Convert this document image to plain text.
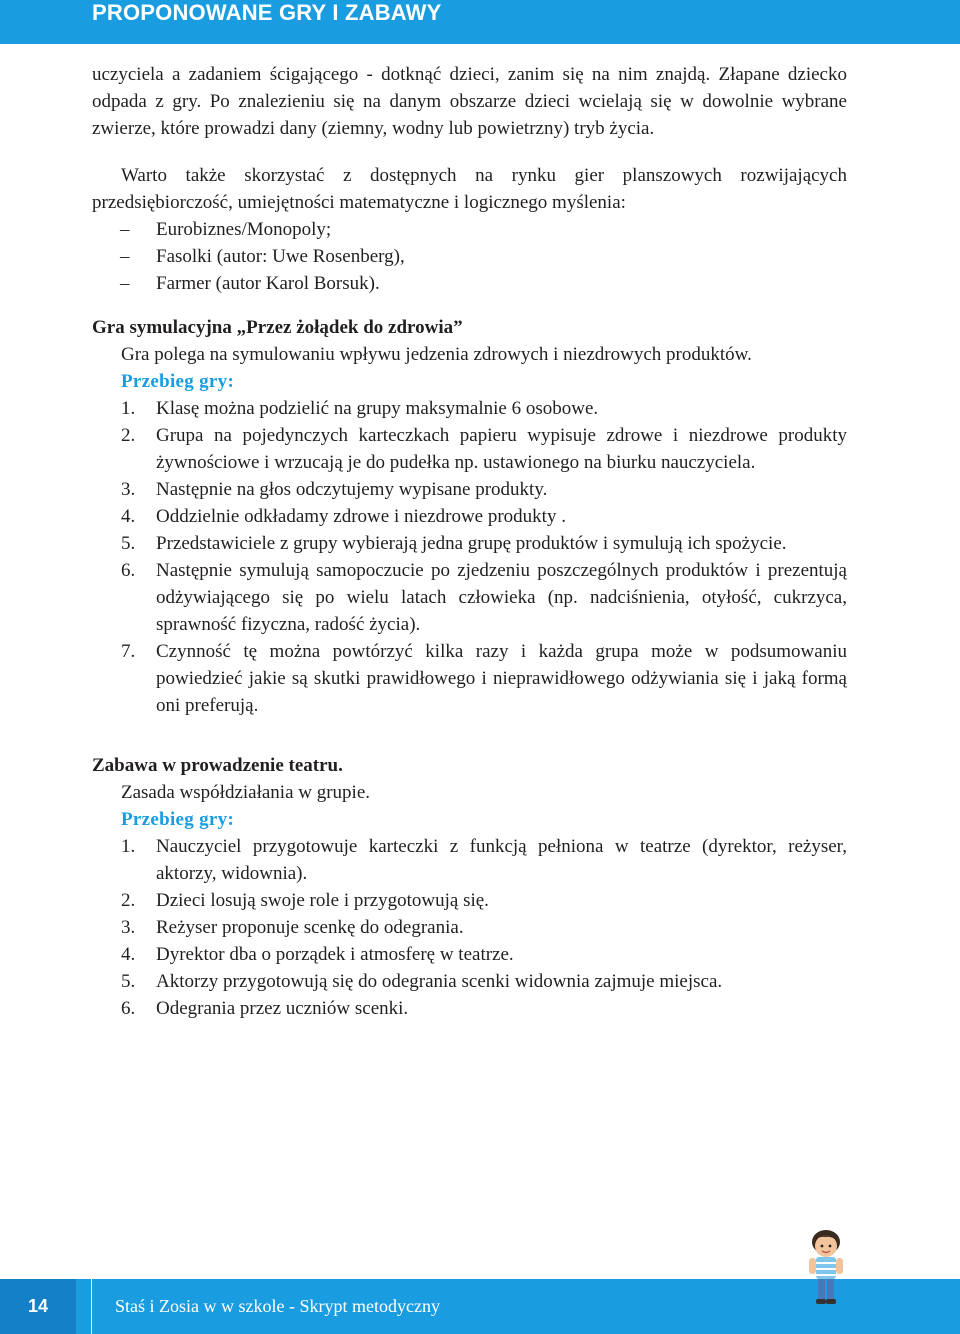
PROPONOWANE GRY I ZABAWY

uczyciela a zadaniem ścigającego - dotknąć dzieci, zanim się na nim znajdą. Złapane dziecko odpada z gry. Po znalezieniu się na danym obszarze dzieci wcielają się w dowolnie wybrane zwierze, które prowadzi dany (ziemny, wodny lub powietrzny) tryb życia.

Warto także skorzystać z dostępnych na rynku gier planszowych rozwijających przedsiębiorczość, umiejętności matematyczne i logicznego myślenia:

–	Eurobiznes/Monopoly;
–	Fasolki (autor: Uwe Rosenberg),
–	Farmer (autor Karol Borsuk).

Gra symulacyjna „Przez żołądek do zdrowia”

Gra polega na symulowaniu wpływu jedzenia zdrowych i niezdrowych produktów.

Przebieg gry:

1. Klasę można podzielić na grupy maksymalnie 6 osobowe.
2. Grupa na pojedynczych karteczkach papieru wypisuje zdrowe i niezdrowe produkty żywnościowe i wrzucają je do pudełka np. ustawionego na biurku nauczyciela.
3. Następnie na głos odczytujemy wypisane produkty.
4. Oddzielnie odkładamy zdrowe i niezdrowe produkty .
5. Przedstawiciele z grupy wybierają jedna grupę produktów i symulują ich spożycie.
6. Następnie symulują samopoczucie po zjedzeniu poszczególnych produktów i prezentują odżywiającego się po wielu latach człowieka (np. nadciśnienia, otyłość, cukrzyca, sprawność fizyczna, radość życia).
7. Czynność tę można powtórzyć kilka razy i każda grupa może w podsumowaniu powiedzieć jakie są skutki prawidłowego i nieprawidłowego odżywiania się i jaką formą oni preferują.

Zabawa w prowadzenie teatru.

Zasada współdziałania w grupie.

Przebieg gry:

1. Nauczyciel przygotowuje karteczki z funkcją pełniona w teatrze (dyrektor, reżyser, aktorzy, widownia).
2. Dzieci losują swoje role i przygotowują się.
3. Reżyser proponuje scenkę do odegrania.
4. Dyrektor dba o porządek i atmosferę w teatrze.
5. Aktorzy przygotowują się do odegrania scenki widownia zajmuje miejsca.
6. Odegrania przez uczniów scenki.
14	Staś i Zosia w w szkole - Skrypt metodyczny
